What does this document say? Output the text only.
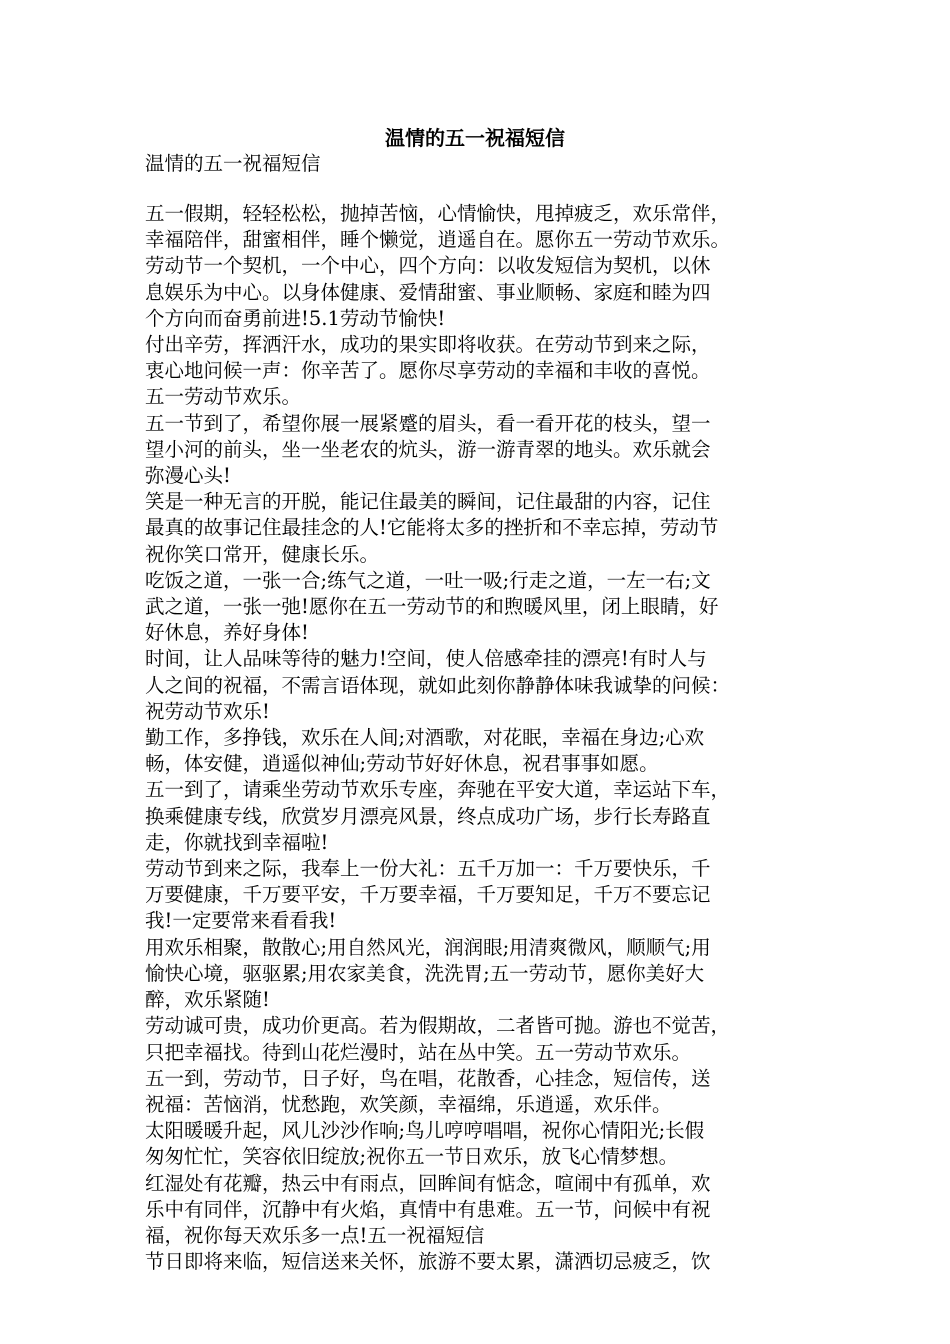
温情的五一祝福短信

温情的五一祝福短信

五一假期，轻轻松松，抛掉苦恼，心情愉快，甩掉疲乏，欢乐常伴，
幸福陪伴，甜蜜相伴，睡个懒觉，逍遥自在。愿你五一劳动节欢乐。
劳动节一个契机，一个中心，四个方向：以收发短信为契机，以休
息娱乐为中心。以身体健康、爱情甜蜜、事业顺畅、家庭和睦为四
个方向而奋勇前进!5.1劳动节愉快!
付出辛劳，挥洒汗水，成功的果实即将收获。在劳动节到来之际，
衷心地问候一声：你辛苦了。愿你尽享劳动的幸福和丰收的喜悦。
五一劳动节欢乐。
五一节到了，希望你展一展紧蹙的眉头，看一看开花的枝头，望一
望小河的前头，坐一坐老农的炕头，游一游青翠的地头。欢乐就会
弥漫心头!
笑是一种无言的开脱，能记住最美的瞬间，记住最甜的内容，记住
最真的故事记住最挂念的人!它能将太多的挫折和不幸忘掉，劳动节
祝你笑口常开，健康长乐。
吃饭之道，一张一合;练气之道，一吐一吸;行走之道，一左一右;文
武之道，一张一弛!愿你在五一劳动节的和煦暖风里，闭上眼睛，好
好休息，养好身体!
时间，让人品味等待的魅力!空间，使人倍感牵挂的漂亮!有时人与
人之间的祝福，不需言语体现，就如此刻你静静体味我诚挚的问候：
祝劳动节欢乐!
勤工作，多挣钱，欢乐在人间;对酒歌，对花眠，幸福在身边;心欢
畅，体安健，逍遥似神仙;劳动节好好休息，祝君事事如愿。
五一到了，请乘坐劳动节欢乐专座，奔驰在平安大道，幸运站下车，
换乘健康专线，欣赏岁月漂亮风景，终点成功广场，步行长寿路直
走，你就找到幸福啦!
劳动节到来之际，我奉上一份大礼：五千万加一：千万要快乐，千
万要健康，千万要平安，千万要幸福，千万要知足，千万不要忘记
我!一定要常来看看我!
用欢乐相聚，散散心;用自然风光，润润眼;用清爽微风，顺顺气;用
愉快心境，驱驱累;用农家美食，洗洗胃;五一劳动节，愿你美好大
醉，欢乐紧随!
劳动诚可贵，成功价更高。若为假期故，二者皆可抛。游也不觉苦，
只把幸福找。待到山花烂漫时，站在丛中笑。五一劳动节欢乐。
五一到，劳动节，日子好，鸟在唱，花散香，心挂念，短信传，送
祝福：苦恼消，忧愁跑，欢笑颜，幸福绵，乐逍遥，欢乐伴。
太阳暖暖升起，风儿沙沙作响;鸟儿哼哼唱唱，祝你心情阳光;长假
匆匆忙忙，笑容依旧绽放;祝你五一节日欢乐，放飞心情梦想。
红湿处有花瓣，热云中有雨点，回眸间有惦念，喧闹中有孤单，欢
乐中有同伴，沉静中有火焰，真情中有患难。五一节，问候中有祝
福，祝你每天欢乐多一点!五一祝福短信
节日即将来临，短信送来关怀，旅游不要太累，潇洒切忌疲乏，饮
